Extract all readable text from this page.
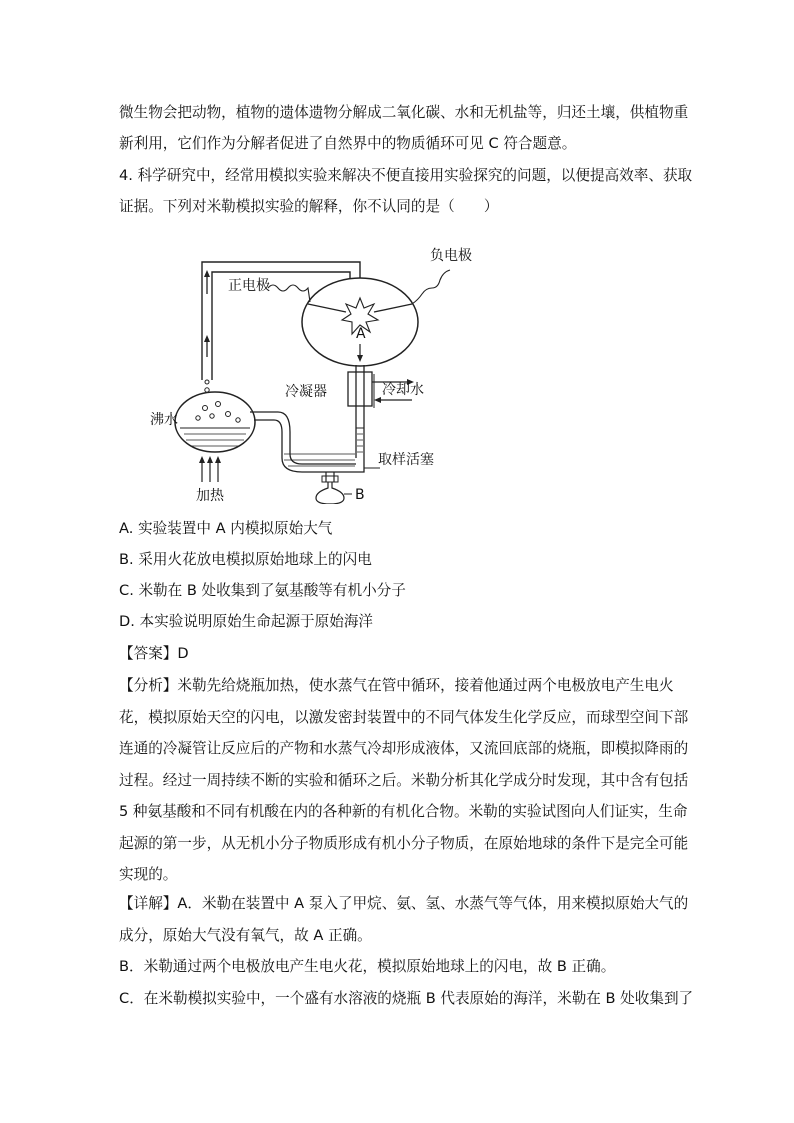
微生物会把动物，植物的遗体遗物分解成二氧化碳、水和无机盐等，归还土壤，供植物重
新利用，它们作为分解者促进了自然界中的物质循环可见 C 符合题意。
4. 科学研究中，经常用模拟实验来解决不便直接用实验探究的问题，以便提高效率、获取
证据。下列对米勒模拟实验的解释，你不认同的是（　　）
负电极
正电极
A
冷凝器	冷却水
沸水
取样活塞
B
加热
A. 实验装置中 A 内模拟原始大气
B. 采用火花放电模拟原始地球上的闪电
C. 米勒在 B 处收集到了氨基酸等有机小分子
D. 本实验说明原始生命起源于原始海洋
【答案】D
【分析】米勒先给烧瓶加热，使水蒸气在管中循环，接着他通过两个电极放电产生电火
花，模拟原始天空的闪电，以激发密封装置中的不同气体发生化学反应，而球型空间下部
连通的冷凝管让反应后的产物和水蒸气冷却形成液体，又流回底部的烧瓶，即模拟降雨的
过程。经过一周持续不断的实验和循环之后。米勒分析其化学成分时发现，其中含有包括
5 种氨基酸和不同有机酸在内的各种新的有机化合物。米勒的实验试图向人们证实，生命
起源的第一步，从无机小分子物质形成有机小分子物质，在原始地球的条件下是完全可能
实现的。
【详解】A．米勒在装置中 A 泵入了甲烷、氨、氢、水蒸气等气体，用来模拟原始大气的
成分，原始大气没有氧气，故 A 正确。
B．米勒通过两个电极放电产生电火花，模拟原始地球上的闪电，故 B 正确。
C．在米勒模拟实验中，一个盛有水溶液的烧瓶 B 代表原始的海洋，米勒在 B 处收集到了
